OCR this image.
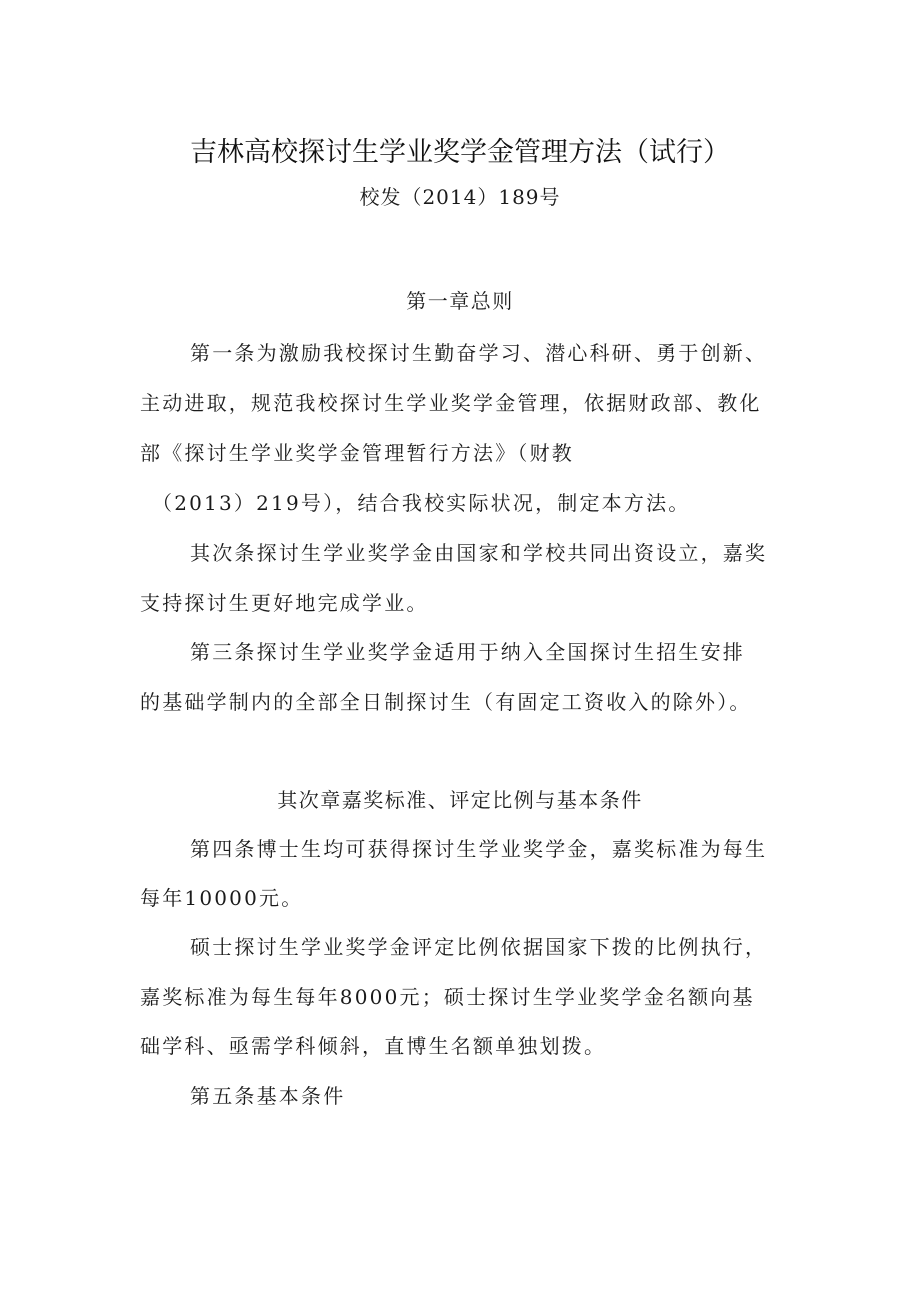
吉林高校探讨生学业奖学金管理方法（试行）
校发（2014）189号
第一章总则
第一条为激励我校探讨生勤奋学习、潜心科研、勇于创新、
主动进取，规范我校探讨生学业奖学金管理，依据财政部、教化
部《探讨生学业奖学金管理暂行方法》（财教
（2013）219号），结合我校实际状况，制定本方法。
其次条探讨生学业奖学金由国家和学校共同出资设立，嘉奖
支持探讨生更好地完成学业。
第三条探讨生学业奖学金适用于纳入全国探讨生招生安排
的基础学制内的全部全日制探讨生（有固定工资收入的除外）。
其次章嘉奖标准、评定比例与基本条件
第四条博士生均可获得探讨生学业奖学金，嘉奖标准为每生
每年10000元。
硕士探讨生学业奖学金评定比例依据国家下拨的比例执行，
嘉奖标准为每生每年8000元；硕士探讨生学业奖学金名额向基
础学科、亟需学科倾斜，直博生名额单独划拨。
第五条基本条件
